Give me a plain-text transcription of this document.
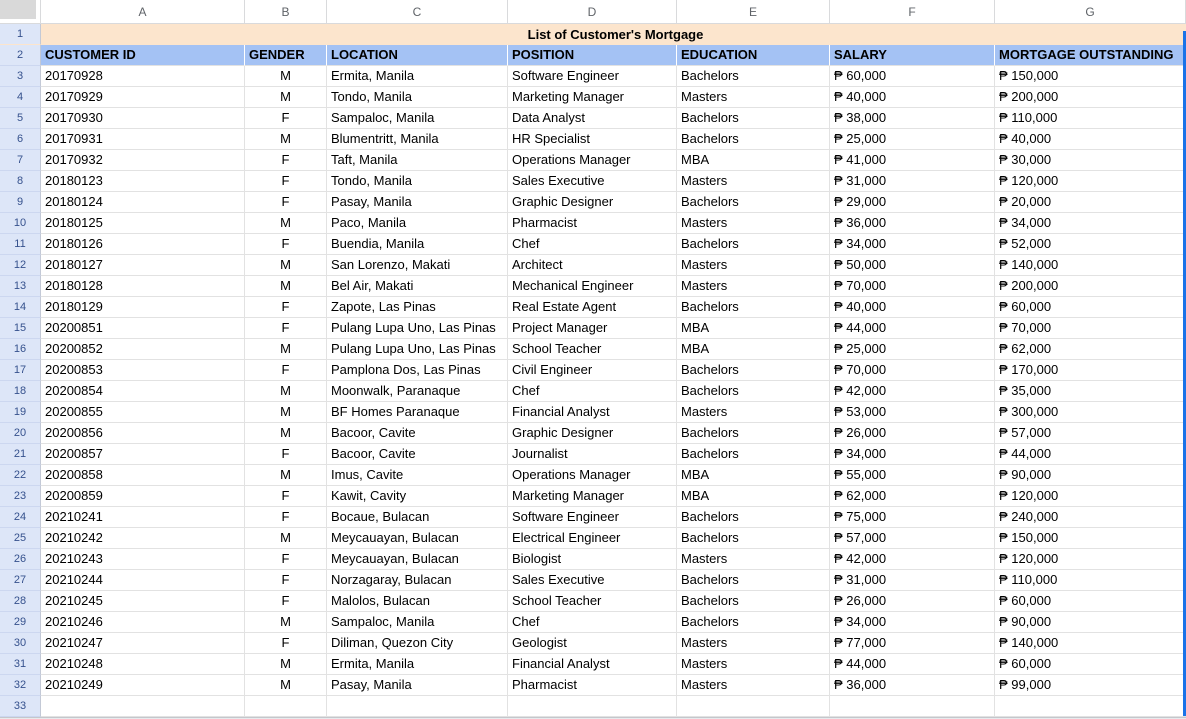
A	B	C	D	E	F	G
1	List of Customer's Mortgage
2	CUSTOMER ID	GENDER	LOCATION	POSITION	EDUCATION	SALARY	MORTGAGE OUTSTANDING
3	20170928	M	Ermita, Manila	Software Engineer	Bachelors	₱ 60,000	₱ 150,000
4	20170929	M	Tondo, Manila	Marketing Manager	Masters	₱ 40,000	₱ 200,000
5	20170930	F	Sampaloc, Manila	Data Analyst	Bachelors	₱ 38,000	₱ 110,000
6	20170931	M	Blumentritt, Manila	HR Specialist	Bachelors	₱ 25,000	₱ 40,000
7	20170932	F	Taft, Manila	Operations Manager	MBA	₱ 41,000	₱ 30,000
8	20180123	F	Tondo, Manila	Sales Executive	Masters	₱ 31,000	₱ 120,000
9	20180124	F	Pasay, Manila	Graphic Designer	Bachelors	₱ 29,000	₱ 20,000
10	20180125	M	Paco, Manila	Pharmacist	Masters	₱ 36,000	₱ 34,000
11	20180126	F	Buendia, Manila	Chef	Bachelors	₱ 34,000	₱ 52,000
12	20180127	M	San Lorenzo, Makati	Architect	Masters	₱ 50,000	₱ 140,000
13	20180128	M	Bel Air, Makati	Mechanical Engineer	Masters	₱ 70,000	₱ 200,000
14	20180129	F	Zapote, Las Pinas	Real Estate Agent	Bachelors	₱ 40,000	₱ 60,000
15	20200851	F	Pulang Lupa Uno, Las Pinas	Project Manager	MBA	₱ 44,000	₱ 70,000
16	20200852	M	Pulang Lupa Uno, Las Pinas	School Teacher	MBA	₱ 25,000	₱ 62,000
17	20200853	F	Pamplona Dos, Las Pinas	Civil Engineer	Bachelors	₱ 70,000	₱ 170,000
18	20200854	M	Moonwalk, Paranaque	Chef	Bachelors	₱ 42,000	₱ 35,000
19	20200855	M	BF Homes Paranaque	Financial Analyst	Masters	₱ 53,000	₱ 300,000
20	20200856	M	Bacoor, Cavite	Graphic Designer	Bachelors	₱ 26,000	₱ 57,000
21	20200857	F	Bacoor, Cavite	Journalist	Bachelors	₱ 34,000	₱ 44,000
22	20200858	M	Imus, Cavite	Operations Manager	MBA	₱ 55,000	₱ 90,000
23	20200859	F	Kawit, Cavity	Marketing Manager	MBA	₱ 62,000	₱ 120,000
24	20210241	F	Bocaue, Bulacan	Software Engineer	Bachelors	₱ 75,000	₱ 240,000
25	20210242	M	Meycauayan, Bulacan	Electrical Engineer	Bachelors	₱ 57,000	₱ 150,000
26	20210243	F	Meycauayan, Bulacan	Biologist	Masters	₱ 42,000	₱ 120,000
27	20210244	F	Norzagaray, Bulacan	Sales Executive	Bachelors	₱ 31,000	₱ 110,000
28	20210245	F	Malolos, Bulacan	School Teacher	Bachelors	₱ 26,000	₱ 60,000
29	20210246	M	Sampaloc, Manila	Chef	Bachelors	₱ 34,000	₱ 90,000
30	20210247	F	Diliman, Quezon City	Geologist	Masters	₱ 77,000	₱ 140,000
31	20210248	M	Ermita, Manila	Financial Analyst	Masters	₱ 44,000	₱ 60,000
32	20210249	M	Pasay, Manila	Pharmacist	Masters	₱ 36,000	₱ 99,000
33
